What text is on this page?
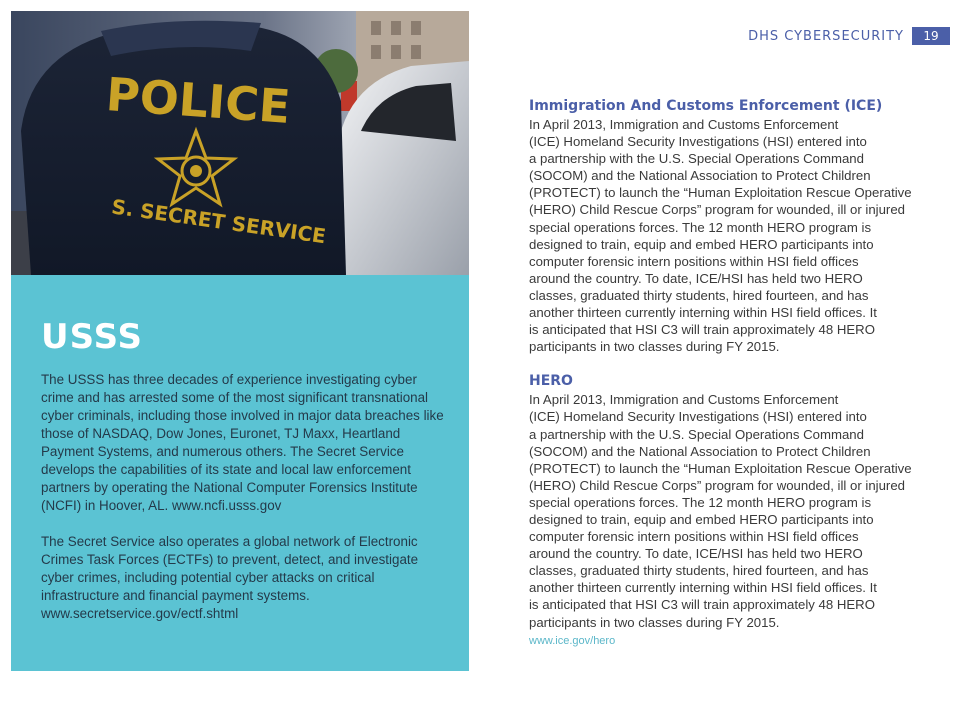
DHS CYBERSECURITY	19
POLICE
S. SECRET SERVICE
USSS

The USSS has three decades of experience investigating cyber crime and has arrested some of the most significant transnational cyber criminals, including those involved in major data breaches like those of NASDAQ, Dow Jones, Euronet, TJ Maxx, Heartland Payment Systems, and numerous others. The Secret Service develops the capabilities of its state and local law enforcement partners by operating the National Computer Forensics Institute (NCFI) in Hoover, AL. www.ncfi.usss.gov

The Secret Service also operates a global network of Electronic Crimes Task Forces (ECTFs) to prevent, detect, and investigate cyber crimes, including potential cyber attacks on critical infrastructure and financial payment systems. www.secretservice.gov/ectf.shtml

Immigration And Customs Enforcement (ICE)

In April 2013, Immigration and Customs Enforcement
(ICE) Homeland Security Investigations (HSI) entered into
a partnership with the U.S. Special Operations Command
(SOCOM) and the National Association to Protect Children
(PROTECT) to launch the “Human Exploitation Rescue Operative
(HERO) Child Rescue Corps” program for wounded, ill or injured
special operations forces. The 12 month HERO program is
designed to train, equip and embed HERO participants into
computer forensic intern positions within HSI field offices
around the country. To date, ICE/HSI has held two HERO
classes, graduated thirty students, hired fourteen, and has
another thirteen currently interning within HSI field offices. It
is anticipated that HSI C3 will train approximately 48 HERO
participants in two classes during FY 2015.

HERO

In April 2013, Immigration and Customs Enforcement
(ICE) Homeland Security Investigations (HSI) entered into
a partnership with the U.S. Special Operations Command
(SOCOM) and the National Association to Protect Children
(PROTECT) to launch the “Human Exploitation Rescue Operative
(HERO) Child Rescue Corps” program for wounded, ill or injured
special operations forces. The 12 month HERO program is
designed to train, equip and embed HERO participants into
computer forensic intern positions within HSI field offices
around the country. To date, ICE/HSI has held two HERO
classes, graduated thirty students, hired fourteen, and has
another thirteen currently interning within HSI field offices. It
is anticipated that HSI C3 will train approximately 48 HERO
participants in two classes during FY 2015.

www.ice.gov/hero
